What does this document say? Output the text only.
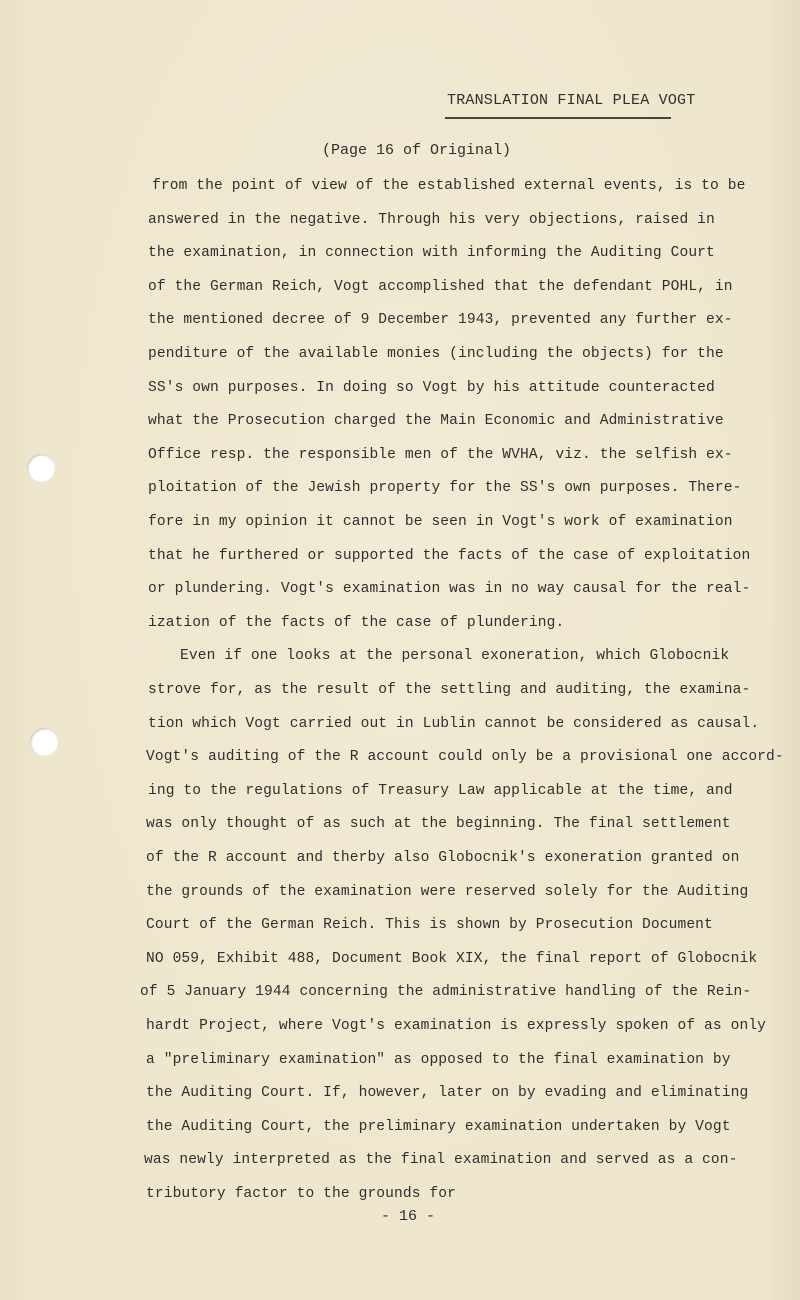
TRANSLATION FINAL PLEA VOGT
(Page 16 of Original)
from the point of view of the established external events, is to be
answered in the negative. Through his very objections, raised in
the examination, in connection with informing the Auditing Court
of the German Reich, Vogt accomplished that the defendant POHL, in
the mentioned decree of 9 December 1943, prevented any further ex-
penditure of the available monies (including the objects) for the
SS's own purposes. In doing so Vogt by his attitude counteracted
what the Prosecution charged the Main Economic and Administrative
Office resp. the responsible men of the WVHA, viz. the selfish ex-
ploitation of the Jewish property for the SS's own purposes. There-
fore in my opinion it cannot be seen in Vogt's work of examination
that he furthered or supported the facts of the case of exploitation
or plundering. Vogt's examination was in no way causal for the real-
ization of the facts of the case of plundering.
Even if one looks at the personal exoneration, which Globocnik
strove for, as the result of the settling and auditing, the examina-
tion which Vogt carried out in Lublin cannot be considered as causal.
Vogt's auditing of the R account could only be a provisional one accord-
ing to the regulations of Treasury Law applicable at the time, and
was only thought of as such at the beginning. The final settlement
of the R account and therby also Globocnik's exoneration granted on
the grounds of the examination were reserved solely for the Auditing
Court of the German Reich. This is shown by Prosecution Document
NO 059, Exhibit 488, Document Book XIX, the final report of Globocnik
of 5 January 1944 concerning the administrative handling of the Rein-
hardt Project, where Vogt's examination is expressly spoken of as only
a "preliminary examination" as opposed to the final examination by
the Auditing Court. If, however, later on by evading and eliminating
the Auditing Court, the preliminary examination undertaken by Vogt
was newly interpreted as the final examination and served as a con-
tributory factor to the grounds for
- 16 -
